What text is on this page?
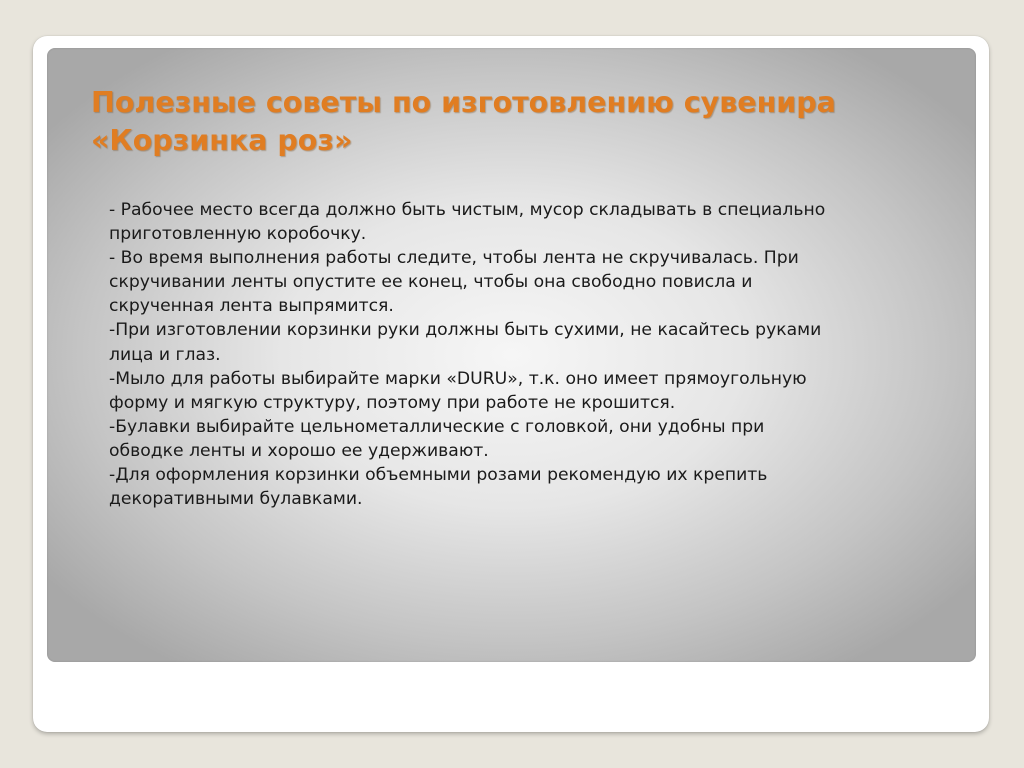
Полезные советы по изготовлению сувенира
«Корзинка роз»
- Рабочее место всегда должно быть чистым, мусор складывать в специально
приготовленную коробочку.
- Во время выполнения работы следите, чтобы лента не скручивалась. При
скручивании ленты опустите ее конец, чтобы она свободно повисла и
скрученная лента выпрямится.
-При изготовлении корзинки руки должны быть сухими, не касайтесь руками
лица и глаз.
-Мыло для работы выбирайте марки «DURU», т.к. оно имеет прямоугольную
форму и мягкую структуру, поэтому при работе не крошится.
-Булавки выбирайте цельнометаллические с головкой, они удобны при
обводке ленты и хорошо ее удерживают.
-Для оформления корзинки объемными розами рекомендую их крепить
декоративными булавками.
